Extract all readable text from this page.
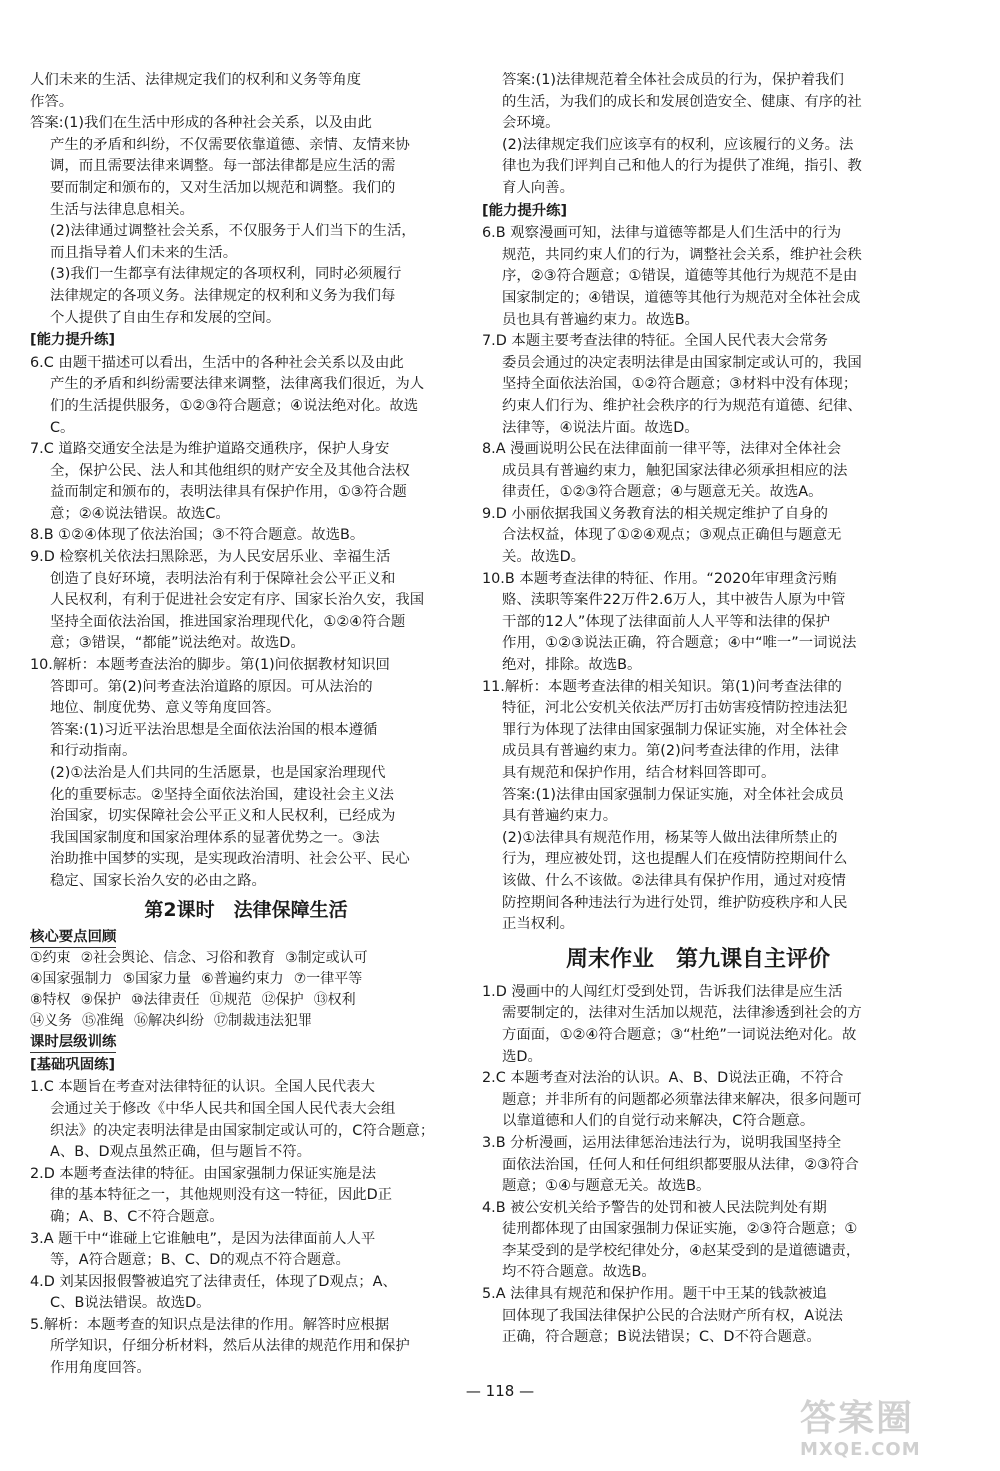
人们未来的生活、法律规定我们的权利和义务等角度

作答。

答案:(1)我们在生活中形成的各种社会关系，以及由此

产生的矛盾和纠纷，不仅需要依靠道德、亲情、友情来协

调，而且需要法律来调整。每一部法律都是应生活的需

要而制定和颁布的，又对生活加以规范和调整。我们的

生活与法律息息相关。

(2)法律通过调整社会关系，不仅服务于人们当下的生活，

而且指导着人们未来的生活。

(3)我们一生都享有法律规定的各项权利，同时必须履行

法律规定的各项义务。法律规定的权利和义务为我们每

个人提供了自由生存和发展的空间。

[能力提升练]

6.C 由题干描述可以看出，生活中的各种社会关系以及由此

产生的矛盾和纠纷需要法律来调整，法律离我们很近，为人

们的生活提供服务，①②③符合题意；④说法绝对化。故选

C。

7.C 道路交通安全法是为维护道路交通秩序，保护人身安

全，保护公民、法人和其他组织的财产安全及其他合法权

益而制定和颁布的，表明法律具有保护作用，①③符合题

意；②④说法错误。故选C。

8.B ①②④体现了依法治国；③不符合题意。故选B。

9.D 检察机关依法扫黑除恶，为人民安居乐业、幸福生活

创造了良好环境，表明法治有利于保障社会公平正义和

人民权利，有利于促进社会安定有序、国家长治久安，我国

坚持全面依法治国，推进国家治理现代化，①②④符合题

意；③错误，“都能”说法绝对。故选D。

10.解析：本题考查法治的脚步。第(1)问依据教材知识回

答即可。第(2)问考查法治道路的原因。可从法治的

地位、制度优势、意义等角度回答。

答案:(1)习近平法治思想是全面依法治国的根本遵循

和行动指南。

(2)①法治是人们共同的生活愿景，也是国家治理现代

化的重要标志。②坚持全面依法治国，建设社会主义法

治国家，切实保障社会公平正义和人民权利，已经成为

我国国家制度和国家治理体系的显著优势之一。③法

治助推中国梦的实现，是实现政治清明、社会公平、民心

稳定、国家长治久安的必由之路。

第2课时　法律保障生活
核心要点回顾
①约束 ②社会舆论、信念、习俗和教育 ③制定或认可
④国家强制力 ⑤国家力量 ⑥普遍约束力 ⑦一律平等
⑧特权 ⑨保护 ⑩法律责任 ⑪规范 ⑫保护 ⑬权利
⑭义务 ⑮准绳 ⑯解决纠纷 ⑰制裁违法犯罪
课时层级训练
[基础巩固练]

1.C 本题旨在考查对法律特征的认识。全国人民代表大

会通过关于修改《中华人民共和国全国人民代表大会组

织法》的决定表明法律是由国家制定或认可的，C符合题意；

A、B、D观点虽然正确，但与题旨不符。

2.D 本题考查法律的特征。由国家强制力保证实施是法

律的基本特征之一，其他规则没有这一特征，因此D正

确；A、B、C不符合题意。

3.A 题干中“谁碰上它谁触电”，是因为法律面前人人平

等，A符合题意；B、C、D的观点不符合题意。

4.D 刘某因报假警被追究了法律责任，体现了D观点；A、

C、B说法错误。故选D。

5.解析：本题考查的知识点是法律的作用。解答时应根据

所学知识，仔细分析材料，然后从法律的规范作用和保护

作用角度回答。

答案:(1)法律规范着全体社会成员的行为，保护着我们

的生活，为我们的成长和发展创造安全、健康、有序的社

会环境。

(2)法律规定我们应该享有的权利，应该履行的义务。法

律也为我们评判自己和他人的行为提供了准绳，指引、教

育人向善。

[能力提升练]

6.B 观察漫画可知，法律与道德等都是人们生活中的行为

规范，共同约束人们的行为，调整社会关系，维护社会秩

序，②③符合题意；①错误，道德等其他行为规范不是由

国家制定的；④错误，道德等其他行为规范对全体社会成

员也具有普遍约束力。故选B。

7.D 本题主要考查法律的特征。全国人民代表大会常务

委员会通过的决定表明法律是由国家制定或认可的，我国

坚持全面依法治国，①②符合题意；③材料中没有体现；

约束人们行为、维护社会秩序的行为规范有道德、纪律、

法律等，④说法片面。故选D。

8.A 漫画说明公民在法律面前一律平等，法律对全体社会

成员具有普遍约束力，触犯国家法律必须承担相应的法

律责任，①②③符合题意；④与题意无关。故选A。

9.D 小丽依据我国义务教育法的相关规定维护了自身的

合法权益，体现了①②④观点；③观点正确但与题意无

关。故选D。

10.B 本题考查法律的特征、作用。“2020年审理贪污贿

赂、渎职等案件22万件2.6万人，其中被告人原为中管

干部的12人”体现了法律面前人人平等和法律的保护

作用，①②③说法正确，符合题意；④中“唯一”一词说法

绝对，排除。故选B。

11.解析：本题考查法律的相关知识。第(1)问考查法律的

特征，河北公安机关依法严厉打击妨害疫情防控违法犯

罪行为体现了法律由国家强制力保证实施，对全体社会

成员具有普遍约束力。第(2)问考查法律的作用，法律

具有规范和保护作用，结合材料回答即可。

答案:(1)法律由国家强制力保证实施，对全体社会成员

具有普遍约束力。

(2)①法律具有规范作用，杨某等人做出法律所禁止的

行为，理应被处罚，这也提醒人们在疫情防控期间什么

该做、什么不该做。②法律具有保护作用，通过对疫情

防控期间各种违法行为进行处罚，维护防疫秩序和人民

正当权利。

周末作业　第九课自主评价

1.D 漫画中的人闯红灯受到处罚，告诉我们法律是应生活

需要制定的，法律对生活加以规范，法律渗透到社会的方

方面面，①②④符合题意；③“杜绝”一词说法绝对化。故

选D。

2.C 本题考查对法治的认识。A、B、D说法正确，不符合

题意；并非所有的问题都必须靠法律来解决，很多问题可

以靠道德和人们的自觉行动来解决，C符合题意。

3.B 分析漫画，运用法律惩治违法行为，说明我国坚持全

面依法治国，任何人和任何组织都要服从法律，②③符合

题意；①④与题意无关。故选B。

4.B 被公安机关给予警告的处罚和被人民法院判处有期

徒刑都体现了由国家强制力保证实施，②③符合题意；①

李某受到的是学校纪律处分，④赵某受到的是道德谴责，

均不符合题意。故选B。

5.A 法律具有规范和保护作用。题干中王某的钱款被追

回体现了我国法律保护公民的合法财产所有权，A说法

正确，符合题意；B说法错误；C、D不符合题意。

— 118 —
答案圈
MXQE.COM
